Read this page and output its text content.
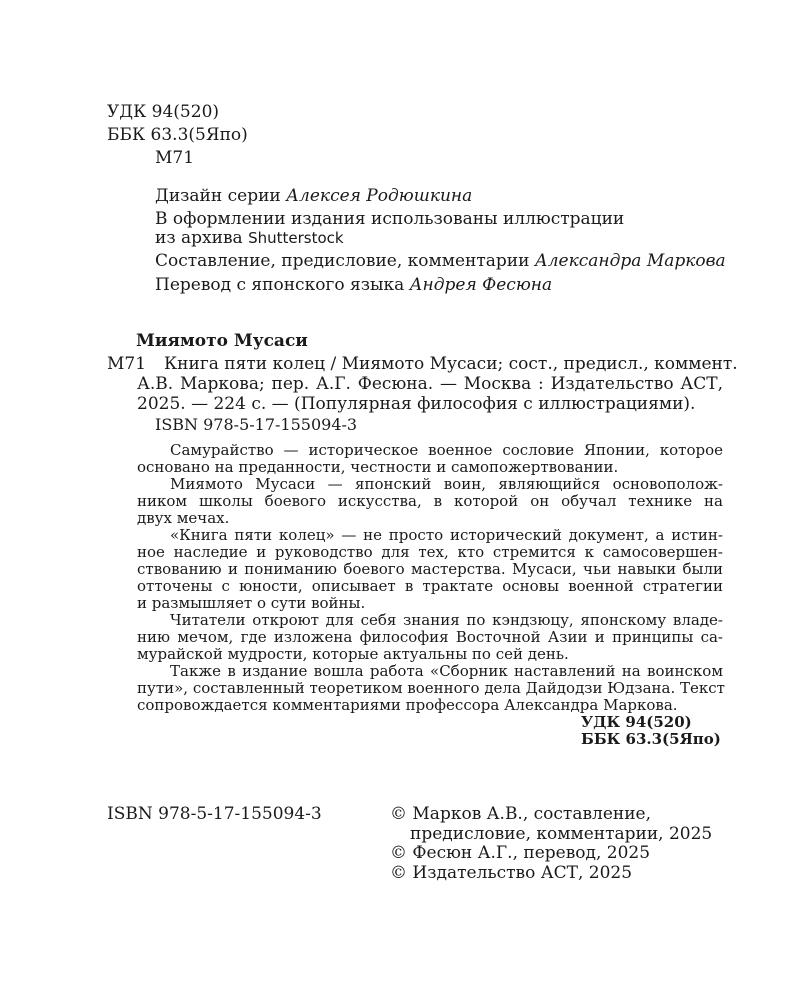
УДК 94(520)
ББК 63.3(5Япо)
М71
Дизайн серии Алексея Родюшкина
В оформлении издания использованы иллюстрации
из архива Shutterstock
Составление, предисловие, комментарии Александра Маркова
Перевод с японского языка Андрея Фесюна
Миямото Мусаси
М71 Книга пяти колец / Миямото Мусаси; сост., предисл., коммент.
А.В. Маркова; пер. А.Г. Фесюна. — Москва : Издательство АСТ,
2025. — 224 с. — (Популярная философия с иллюстрациями).
ISBN 978-5-17-155094-3
Самурайство — историческое военное сословие Японии, которое
основано на преданности, честности и самопожертвовании.
Миямото Мусаси — японский воин, являющийся основополож-
ником школы боевого искусства, в которой он обучал технике на
двух мечах.
«Книга пяти колец» — не просто исторический документ, а истин-
ное наследие и руководство для тех, кто стремится к самосовершен-
ствованию и пониманию боевого мастерства. Мусаси, чьи навыки были
отточены с юности, описывает в трактате основы военной стратегии
и размышляет о сути войны.
Читатели откроют для себя знания по кэндзюцу, японскому владе-
нию мечом, где изложена философия Восточной Азии и принципы са-
мурайской мудрости, которые актуальны по сей день.
Также в издание вошла работа «Сборник наставлений на воинском
пути», составленный теоретиком военного дела Дайдодзи Юдзана. Текст
сопровождается комментариями профессора Александра Маркова.
УДК 94(520)
ББК 63.3(5Япо)
ISBN 978-5-17-155094-3	© Марков А.В., составление,
предисловие, комментарии, 2025
© Фесюн А.Г., перевод, 2025
© Издательство АСТ, 2025
